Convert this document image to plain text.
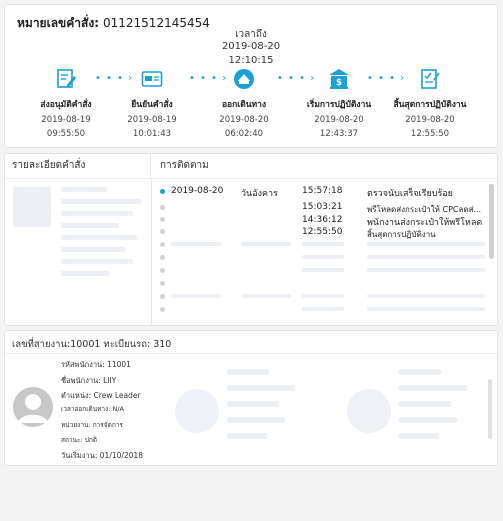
หมายเลขคำสั่ง: 01121512145454
เวลาถึง
2019-08-20
12:10:15
$
• • • ›	• • • ›	• • • ›	• • • ›
ส่งอนุมัติคำสั่ง	ยืนยันคำสั่ง	ออกเดินทาง	เริ่มการปฏิบัติงาน	สิ้นสุดการปฏิบัติงาน
2019-08-19	2019-08-19	2019-08-20	2019-08-20	2019-08-20
09:55:50	10:01:43	06:02:40	12:43:37	12:55:50
รายละเอียดคำสั่ง	การติดตาม
2019-08-20 วันอังคาร	15:57:18	ตรวจนับเสร็จเรียบร้อย
15:03:21	พรีโหลดส่งกระเป๋าให้ CPCลดส่...
14:36:12	พนักงานส่งกระเป๋าให้พรีโหลด
12:55:50	สิ้นสุดการปฏิบัติงาน
เลขที่สายงาน:10001 ทะเบียนรถ: 310
รหัสพนักงาน: 11001
ชื่อพนักงาน: LIIY
ตำแหน่ง: Crew Leader
เวลาออกเดินทาง: N/A
หน่วยงาน: การจัดการ
สถานะ: ปกติ
วันเริ่มงาน: 01/10/2018
